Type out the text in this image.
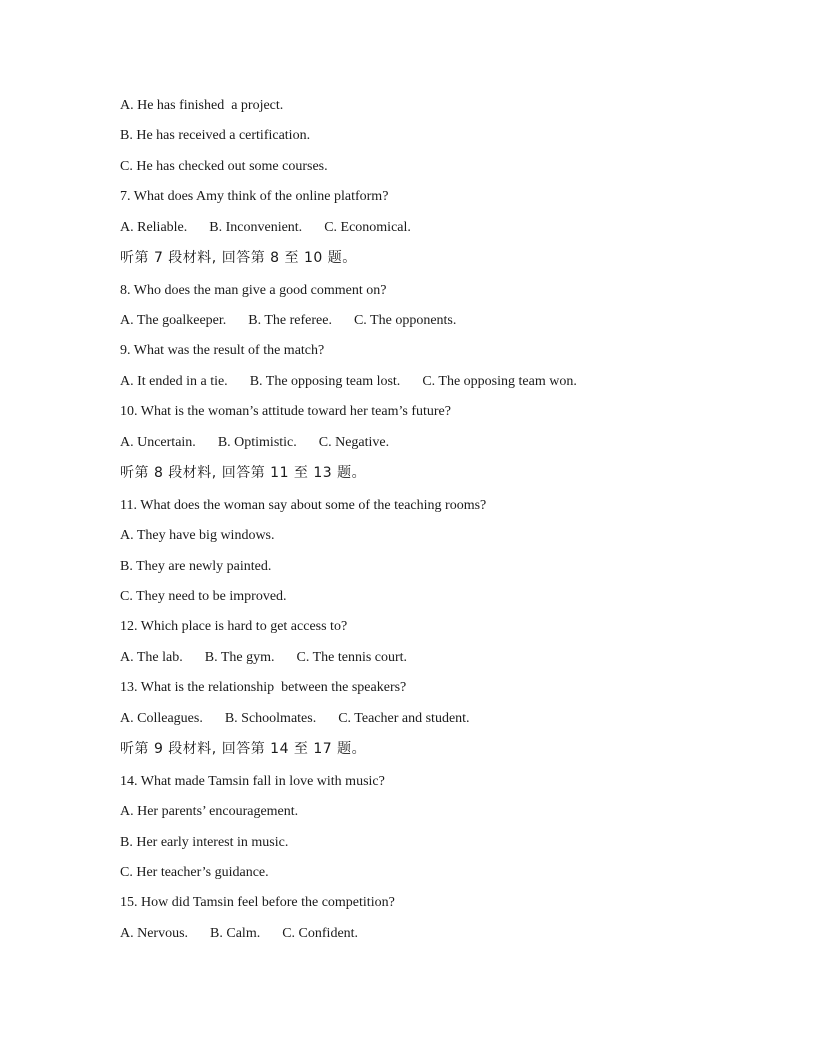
A. He has finished  a project.
B. He has received a certification.
C. He has checked out some courses.
7. What does Amy think of the online platform?
A. Reliable. B. Inconvenient. C. Economical.
听第 7 段材料, 回答第 8 至 10 题。
8. Who does the man give a good comment on?
A. The goalkeeper. B. The referee. C. The opponents.
9. What was the result of the match?
A. It ended in a tie. B. The opposing team lost. C. The opposing team won.
10. What is the woman’s attitude toward her team’s future?
A. Uncertain. B. Optimistic. C. Negative.
听第 8 段材料, 回答第 11 至 13 题。
11. What does the woman say about some of the teaching rooms?
A. They have big windows.
B. They are newly painted.
C. They need to be improved.
12. Which place is hard to get access to?
A. The lab. B. The gym. C. The tennis court.
13. What is the relationship  between the speakers?
A. Colleagues. B. Schoolmates. C. Teacher and student.
听第 9 段材料, 回答第 14 至 17 题。
14. What made Tamsin fall in love with music?
A. Her parents’ encouragement.
B. Her early interest in music.
C. Her teacher’s guidance.
15. How did Tamsin feel before the competition?
A. Nervous. B. Calm. C. Confident.
